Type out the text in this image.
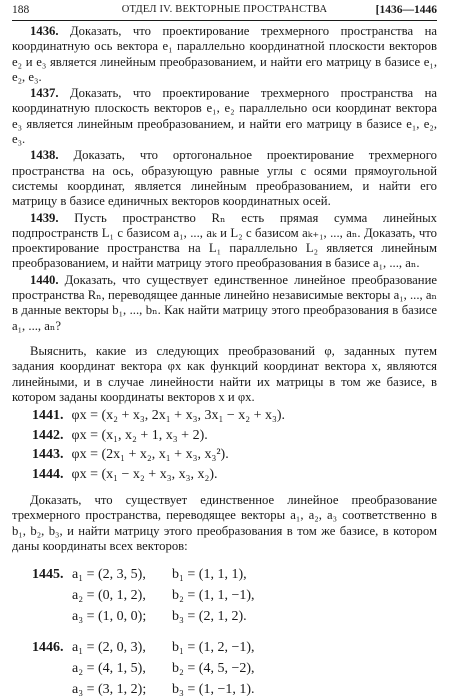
188	ОТДЕЛ IV. ВЕКТОРНЫЕ ПРОСТРАНСТВА	[1436—1446

1436. Доказать, что проектирование трехмерного пространства на координатную ось вектора e₁ параллельно координатной плоскости векторов e₂ и e₃ является линейным преобразованием, и найти его матрицу в базисе e₁, e₂, e₃.

1437. Доказать, что проектирование трехмерного пространства на координатную плоскость векторов e₁, e₂ параллельно оси координат вектора e₃ является линейным преобразованием, и найти его матрицу в базисе e₁, e₂, e₃.

1438. Доказать, что ортогональное проектирование трехмерного пространства на ось, образующую равные углы с осями прямоугольной системы координат, является линейным преобразованием, и найти его матрицу в базисе единичных векторов координатных осей.

1439. Пусть пространство Rₙ есть прямая сумма линейных подпространств L₁ с базисом a₁, ..., aₖ и L₂ с базисом aₖ₊₁, ..., aₙ. Доказать, что проектирование пространства на L₁ параллельно L₂ является линейным преобразованием, и найти матрицу этого преобразования в базисе a₁, ..., aₙ.

1440. Доказать, что существует единственное линейное преобразование пространства Rₙ, переводящее данные линейно независимые векторы a₁, ..., aₙ в данные векторы b₁, ..., bₙ. Как найти матрицу этого преобразования в базисе a₁, ..., aₙ?

Выяснить, какие из следующих преобразований φ, заданных путем задания координат вектора φx как функций координат вектора x, являются линейными, и в случае линейности найти их матрицы в том же базисе, в котором заданы координаты векторов x и φx.

1441. φx = (x₂ + x₃, 2x₁ + x₃, 3x₁ − x₂ + x₃).
1442. φx = (x₁, x₂ + 1, x₃ + 2).
1443. φx = (2x₁ + x₂, x₁ + x₃, x₃²).
1444. φx = (x₁ − x₂ + x₃, x₃, x₂).

Доказать, что существует единственное линейное преобразование трехмерного пространства, переводящее векторы a₁, a₂, a₃ соответственно в b₁, b₂, b₃, и найти матрицу этого преобразования в том же базисе, в котором даны координаты всех векторов:

1445. a₁ = (2, 3, 5),	b₁ = (1, 1, 1),
a₂ = (0, 1, 2),	b₂ = (1, 1, −1),
a₃ = (1, 0, 0);	b₃ = (2, 1, 2).
1446. a₁ = (2, 0, 3),	b₁ = (1, 2, −1),
a₂ = (4, 1, 5),	b₂ = (4, 5, −2),
a₃ = (3, 1, 2);	b₃ = (1, −1, 1).
